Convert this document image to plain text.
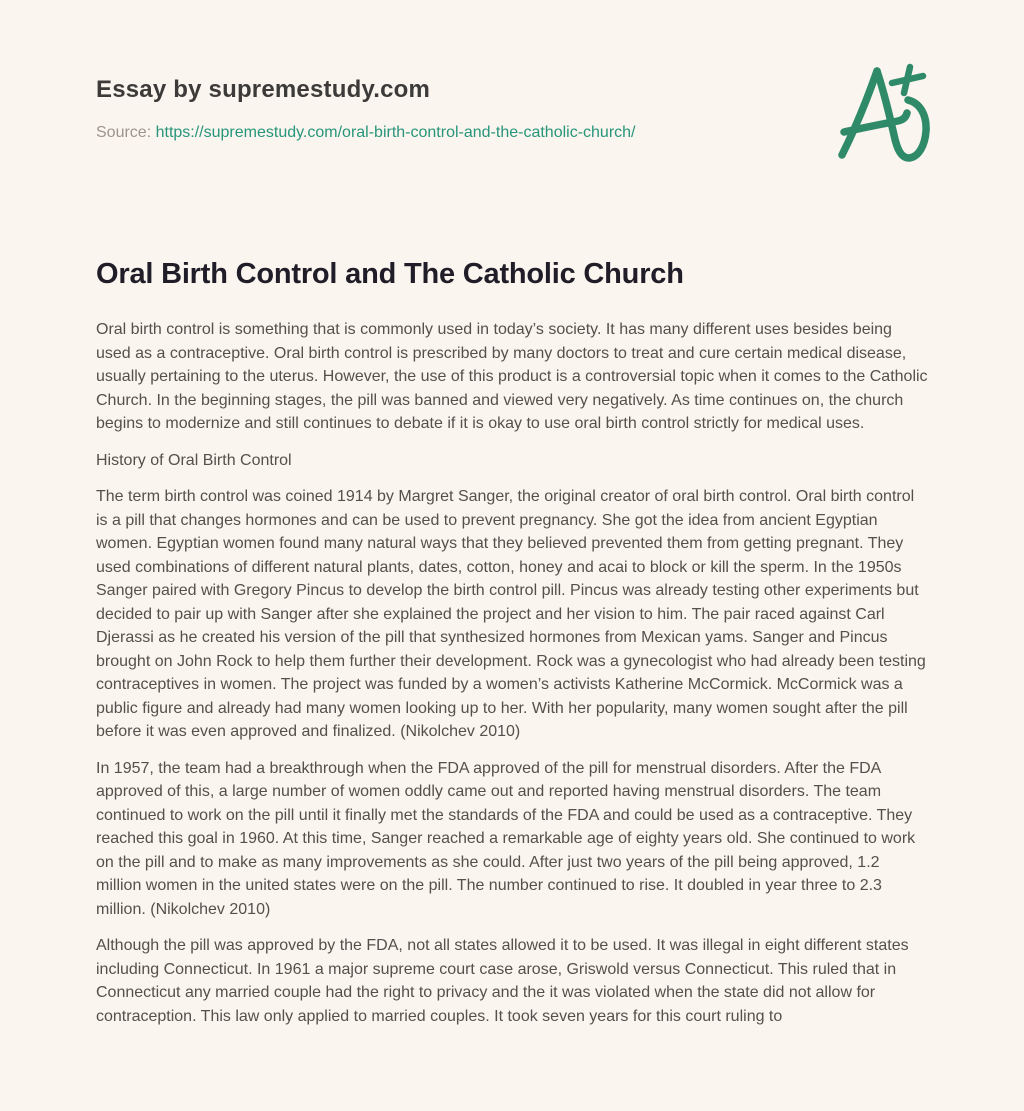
Essay by supremestudy.com
Source: https://supremestudy.com/oral-birth-control-and-the-catholic-church/
Oral Birth Control and The Catholic Church

Oral birth control is something that is commonly used in today’s society. It has many different uses besides being used as a contraceptive. Oral birth control is prescribed by many doctors to treat and cure certain medical disease, usually pertaining to the uterus. However, the use of this product is a controversial topic when it comes to the Catholic Church. In the beginning stages, the pill was banned and viewed very negatively. As time continues on, the church begins to modernize and still continues to debate if it is okay to use oral birth control strictly for medical uses.

History of Oral Birth Control

The term birth control was coined 1914 by Margret Sanger, the original creator of oral birth control. Oral birth control is a pill that changes hormones and can be used to prevent pregnancy. She got the idea from ancient Egyptian women. Egyptian women found many natural ways that they believed prevented them from getting pregnant. They used combinations of different natural plants, dates, cotton, honey and acai to block or kill the sperm. In the 1950s Sanger paired with Gregory Pincus to develop the birth control pill. Pincus was already testing other experiments but decided to pair up with Sanger after she explained the project and her vision to him. The pair raced against Carl Djerassi as he created his version of the pill that synthesized hormones from Mexican yams. Sanger and Pincus brought on John Rock to help them further their development. Rock was a gynecologist who had already been testing contraceptives in women. The project was funded by a women’s activists Katherine McCormick. McCormick was a public figure and already had many women looking up to her. With her popularity, many women sought after the pill before it was even approved and finalized. (Nikolchev 2010)

In 1957, the team had a breakthrough when the FDA approved of the pill for menstrual disorders. After the FDA approved of this, a large number of women oddly came out and reported having menstrual disorders. The team continued to work on the pill until it finally met the standards of the FDA and could be used as a contraceptive. They reached this goal in 1960. At this time, Sanger reached a remarkable age of eighty years old. She continued to work on the pill and to make as many improvements as she could. After just two years of the pill being approved, 1.2 million women in the united states were on the pill. The number continued to rise. It doubled in year three to 2.3 million. (Nikolchev 2010)

Although the pill was approved by the FDA, not all states allowed it to be used. It was illegal in eight different states including Connecticut. In 1961 a major supreme court case arose, Griswold versus Connecticut. This ruled that in Connecticut any married couple had the right to privacy and the it was violated when the state did not allow for contraception. This law only applied to married couples. It took seven years for this court ruling to
